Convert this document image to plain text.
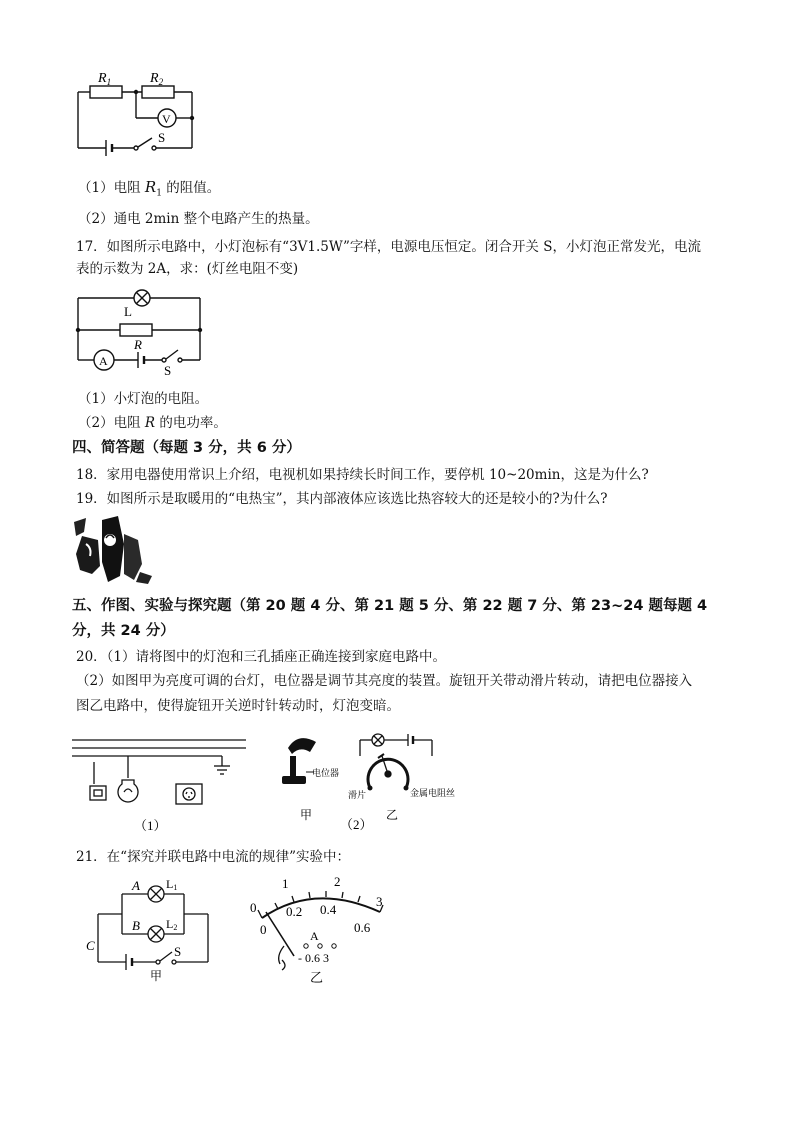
$R_1$	$R_2$
V
S
（1）电阻 $R_1$ 的阻值。
（2）通电 2min 整个电路产生的热量。
17．如图所示电路中，小灯泡标有“3V1.5W”字样，电源电压恒定。闭合开关 S，小灯泡正常发光，电流
表的示数为 2A，求：(灯丝电阻不变)
L
R
A
S
（1）小灯泡的电阻。
（2）电阻 R 的电功率。
四、简答题（每题 3 分，共 6 分）
18．家用电器使用常识上介绍，电视机如果持续长时间工作，要停机 10~20min，这是为什么?
19．如图所示是取暖用的“电热宝”，其内部液体应该选比热容较大的还是较小的?为什么?
五、作图、实验与探究题（第 20 题 4 分、第 21 题 5 分、第 22 题 7 分、第 23~24 题每题 4
分，共 24 分）
20．（1）请将图中的灯泡和三孔插座正确连接到家庭电路中。
（2）如图甲为亮度可调的台灯，电位器是调节其亮度的装置。旋钮开关带动滑片转动，请把电位器接入
图乙电路中，使得旋钮开关逆时针转动时，灯泡变暗。
（1）
电位器
甲
（2）
滑片	金属电阻丝
乙
21．在“探究并联电路中电流的规律”实验中：
A
B
C
L1
L2
S
甲
1	2
3
0
0
0.2 0.4
0.6
A
- 0.6 3
乙
